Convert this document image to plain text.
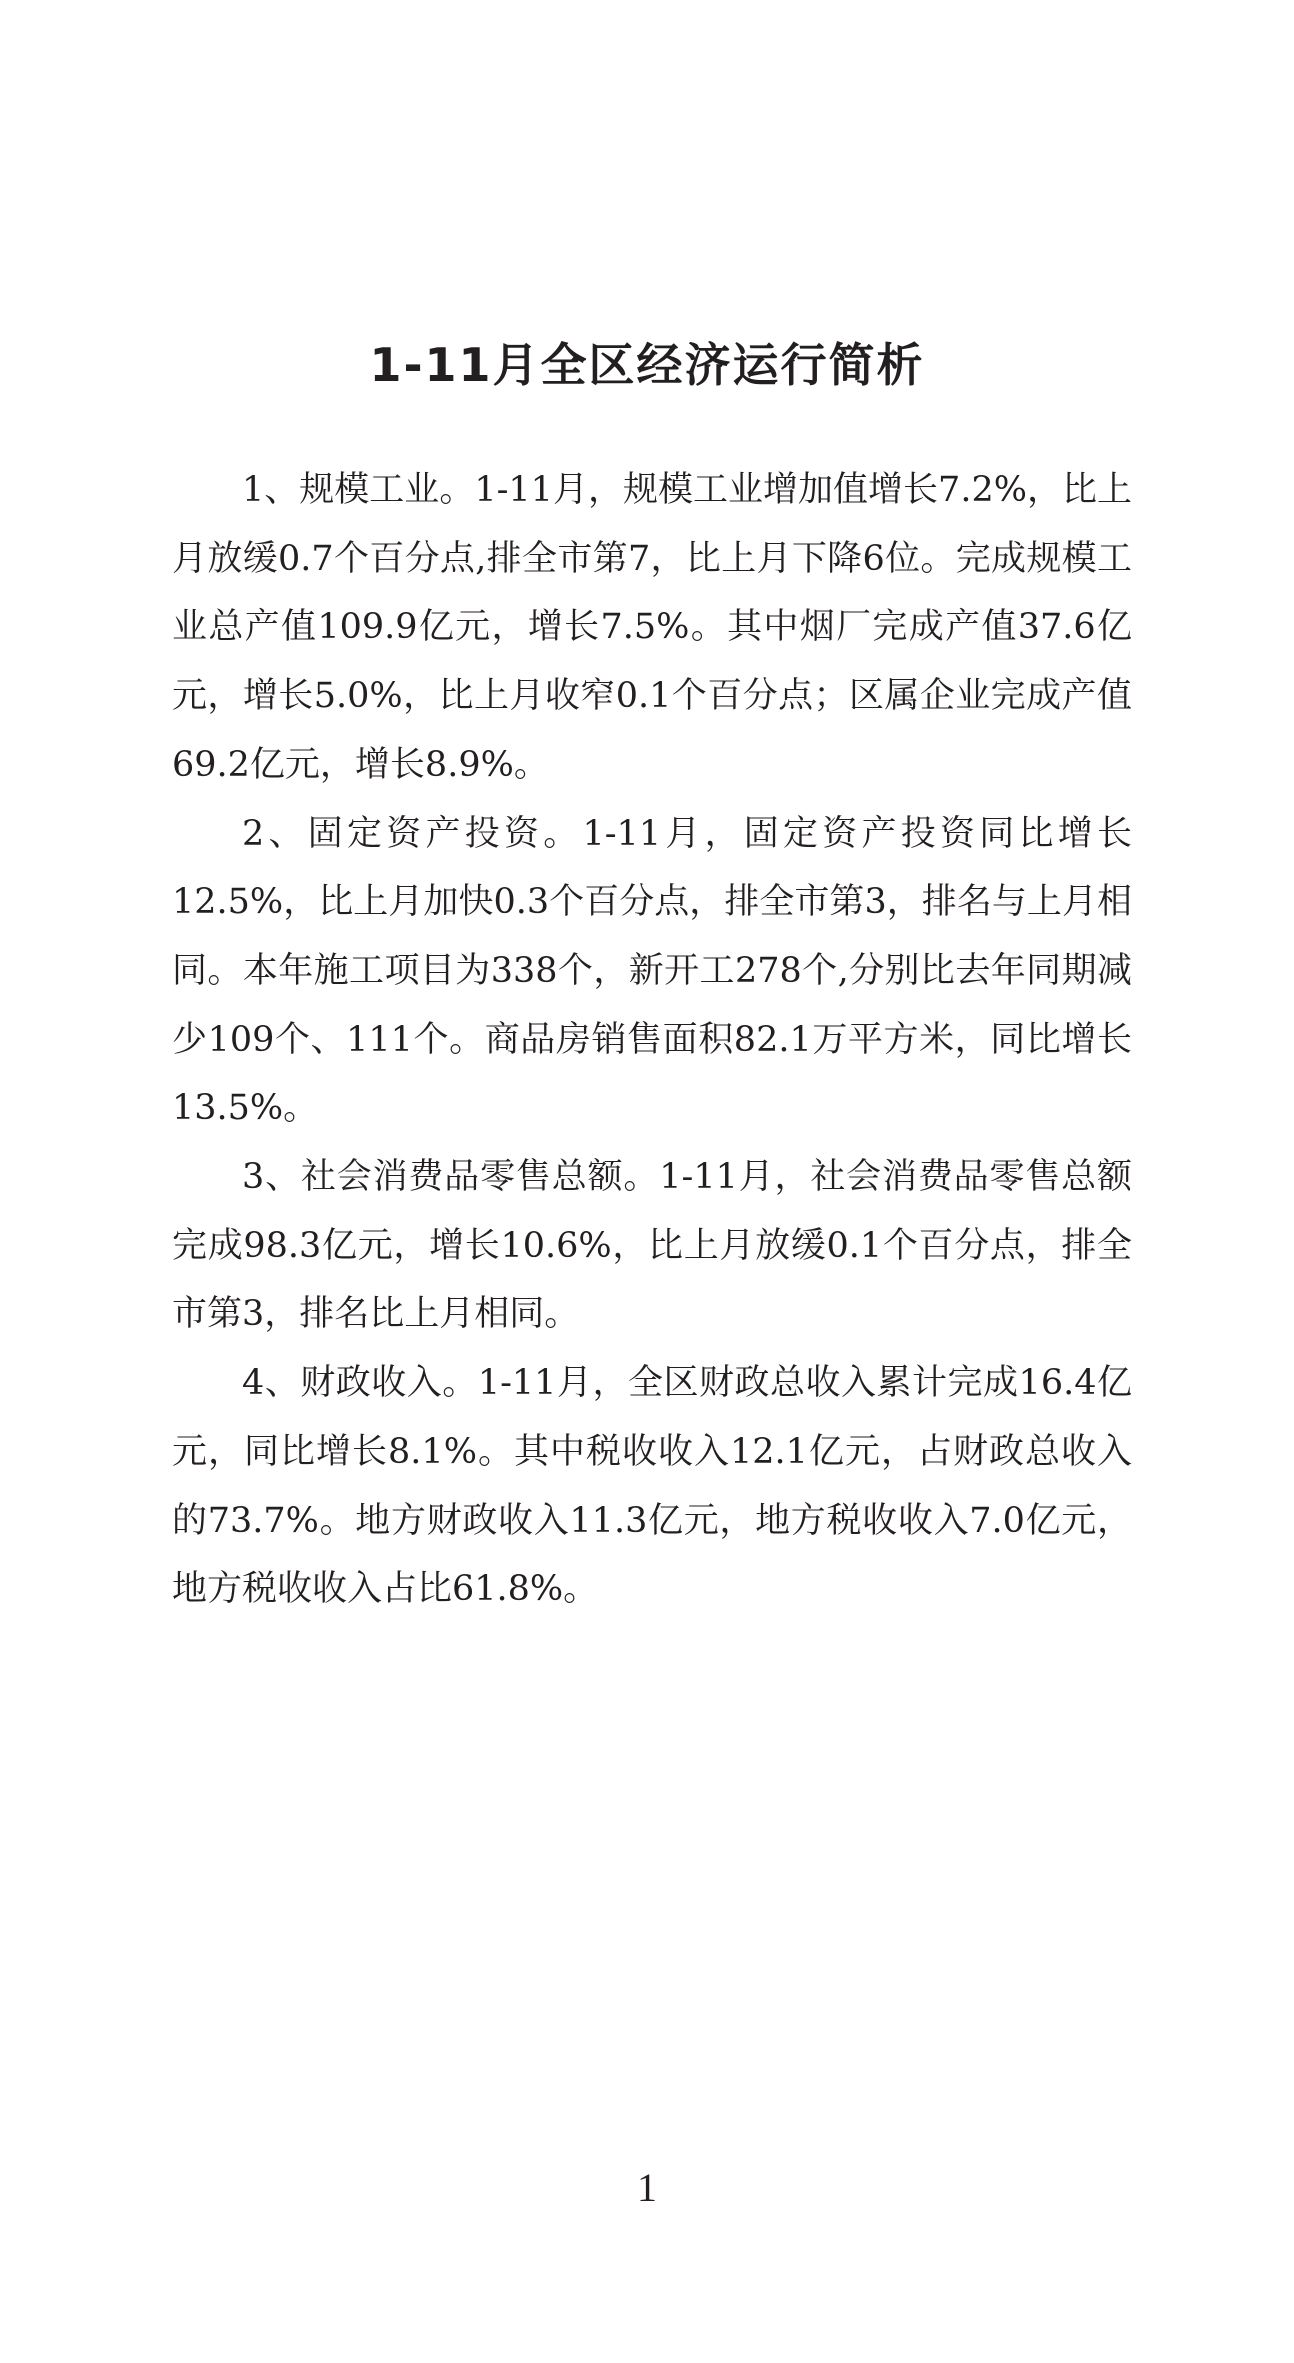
1-11月全区经济运行简析

1、规模工业。1-11月，规模工业增加值增长7.2%，比上月放缓0.7个百分点,排全市第7，比上月下降6位。完成规模工业总产值109.9亿元，增长7.5%。其中烟厂完成产值37.6亿元，增长5.0%，比上月收窄0.1个百分点；区属企业完成产值69.2亿元，增长8.9%。

2、固定资产投资。1-11月，固定资产投资同比增长12.5%，比上月加快0.3个百分点，排全市第3，排名与上月相同。本年施工项目为338个，新开工278个,分别比去年同期减少109个、111个。商品房销售面积82.1万平方米，同比增长13.5%。

3、社会消费品零售总额。1-11月，社会消费品零售总额完成98.3亿元，增长10.6%，比上月放缓0.1个百分点，排全市第3，排名比上月相同。

4、财政收入。1-11月，全区财政总收入累计完成16.4亿元，同比增长8.1%。其中税收收入12.1亿元，占财政总收入的73.7%。地方财政收入11.3亿元，地方税收收入7.0亿元，地方税收收入占比61.8%。

1
